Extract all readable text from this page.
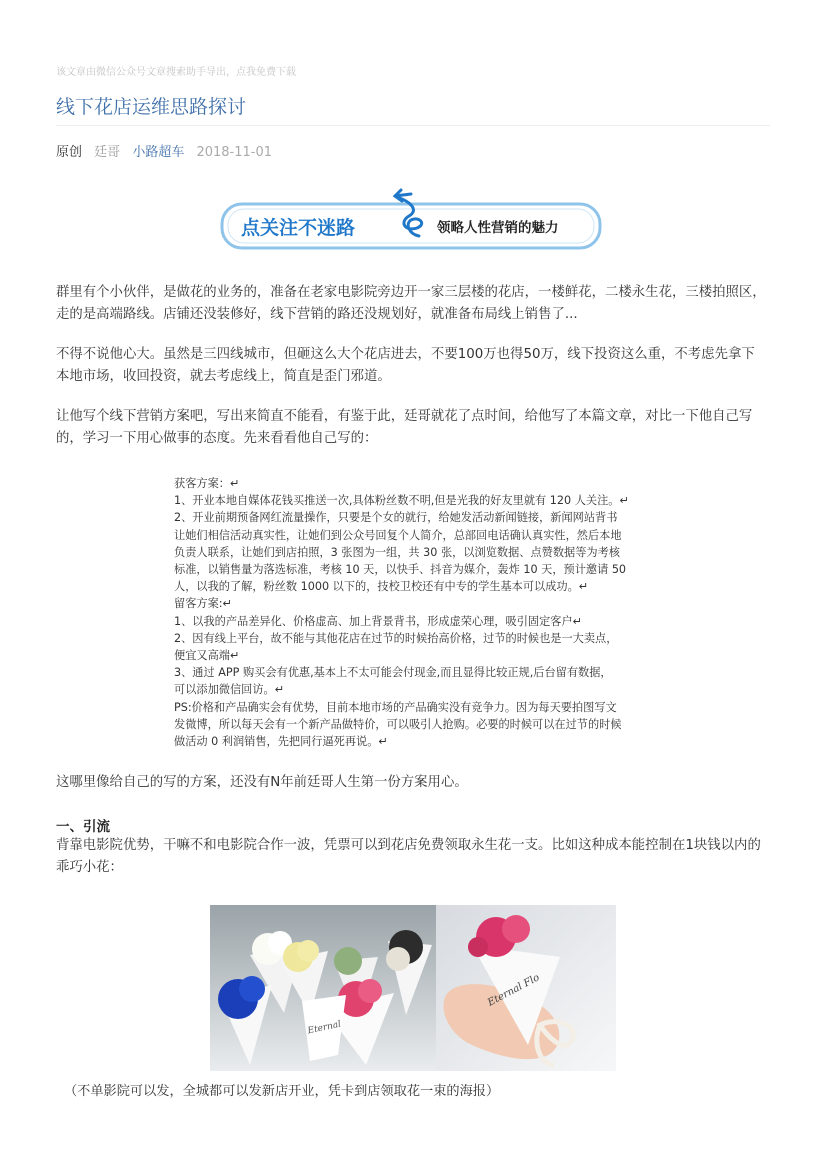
该文章由微信公众号文章搜索助手导出，点我免费下载
线下花店运维思路探讨
原创 廷哥 小路超车 2018-11-01
点关注不迷路	领略人性营销的魅力

群里有个小伙伴，是做花的业务的，准备在老家电影院旁边开一家三层楼的花店，一楼鲜花，二楼永生花，三楼拍照区，走的是高端路线。店铺还没装修好，线下营销的路还没规划好，就准备布局线上销售了...

不得不说他心大。虽然是三四线城市，但砸这么大个花店进去，不要100万也得50万，线下投资这么重，不考虑先拿下本地市场，收回投资，就去考虑线上，简直是歪门邪道。

让他写个线下营销方案吧，写出来简直不能看，有鉴于此，廷哥就花了点时间，给他写了本篇文章，对比一下他自己写的，学习一下用心做事的态度。先来看看他自己写的：

获客方案：↵
1、开业本地自媒体花钱买推送一次,具体粉丝数不明,但是光我的好友里就有 120 人关注。↵
2、开业前期预备网红流量操作，只要是个女的就行，给她发活动新闻链接，新闻网站背书
让她们相信活动真实性，让她们到公众号回复个人简介，总部回电话确认真实性，然后本地
负责人联系，让她们到店拍照，3 张图为一组，共 30 张，以浏览数据、点赞数据等为考核
标准，以销售量为落选标准，考核 10 天，以快手、抖音为媒介，轰炸 10 天，预计邀请 50
人，以我的了解，粉丝数 1000 以下的，技校卫校还有中专的学生基本可以成功。↵
留客方案:↵
1、以我的产品差异化、价格虚高、加上背景背书，形成虚荣心理，吸引固定客户↵
2、因有线上平台，故不能与其他花店在过节的时候抬高价格，过节的时候也是一大卖点，
便宜又高端↵
3、通过 APP 购买会有优惠,基本上不太可能会付现金,而且显得比较正规,后台留有数据，
可以添加微信回访。↵
PS:价格和产品确实会有优势，目前本地市场的产品确实没有竞争力。因为每天要拍图写文
发微博，所以每天会有一个新产品做特价，可以吸引人抢购。必要的时候可以在过节的时候
做活动 0 利润销售，先把同行逼死再说。↵

这哪里像给自己的写的方案，还没有N年前廷哥人生第一份方案用心。

一、引流

背靠电影院优势，干嘛不和电影院合作一波，凭票可以到花店免费领取永生花一支。比如这种成本能控制在1块钱以内的乖巧小花：

Eternal
Eternal Flo
（不单影院可以发，全城都可以发新店开业，凭卡到店领取花一束的海报）
